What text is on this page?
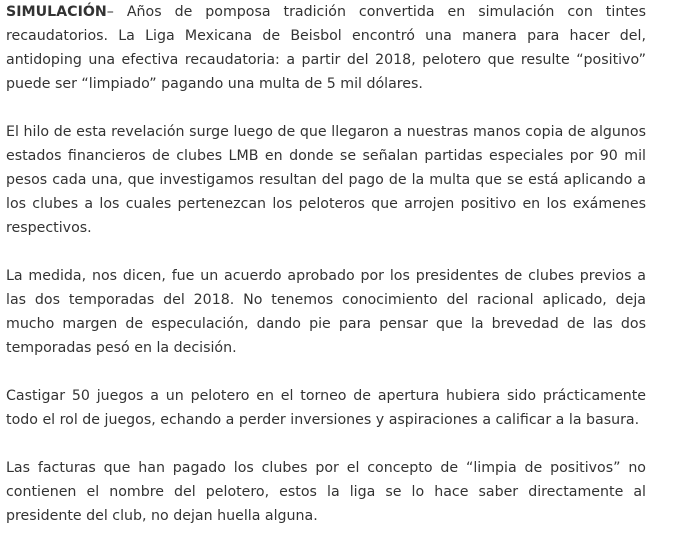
SIMULACIÓN– Años de pomposa tradición convertida en simulación con tintes recaudatorios. La Liga Mexicana de Beisbol encontró una manera para hacer del, antidoping una efectiva recaudatoria: a partir del 2018, pelotero que resulte “positivo” puede ser “limpiado” pagando una multa de 5 mil dólares.

El hilo de esta revelación surge luego de que llegaron a nuestras manos copia de algunos estados financieros de clubes LMB en donde se señalan partidas especiales por 90 mil pesos cada una, que investigamos resultan del pago de la multa que se está aplicando a los clubes a los cuales pertenezcan los peloteros que arrojen positivo en los exámenes respectivos.

La medida, nos dicen, fue un acuerdo aprobado por los presidentes de clubes previos a las dos temporadas del 2018. No tenemos conocimiento del racional aplicado, deja mucho margen de especulación, dando pie para pensar que la brevedad de las dos temporadas pesó en la decisión.

Castigar 50 juegos a un pelotero en el torneo de apertura hubiera sido prácticamente todo el rol de juegos, echando a perder inversiones y aspiraciones a calificar a la basura.

Las facturas que han pagado los clubes por el concepto de “limpia de positivos” no contienen el nombre del pelotero, estos la liga se lo hace saber directamente al presidente del club, no dejan huella alguna.
